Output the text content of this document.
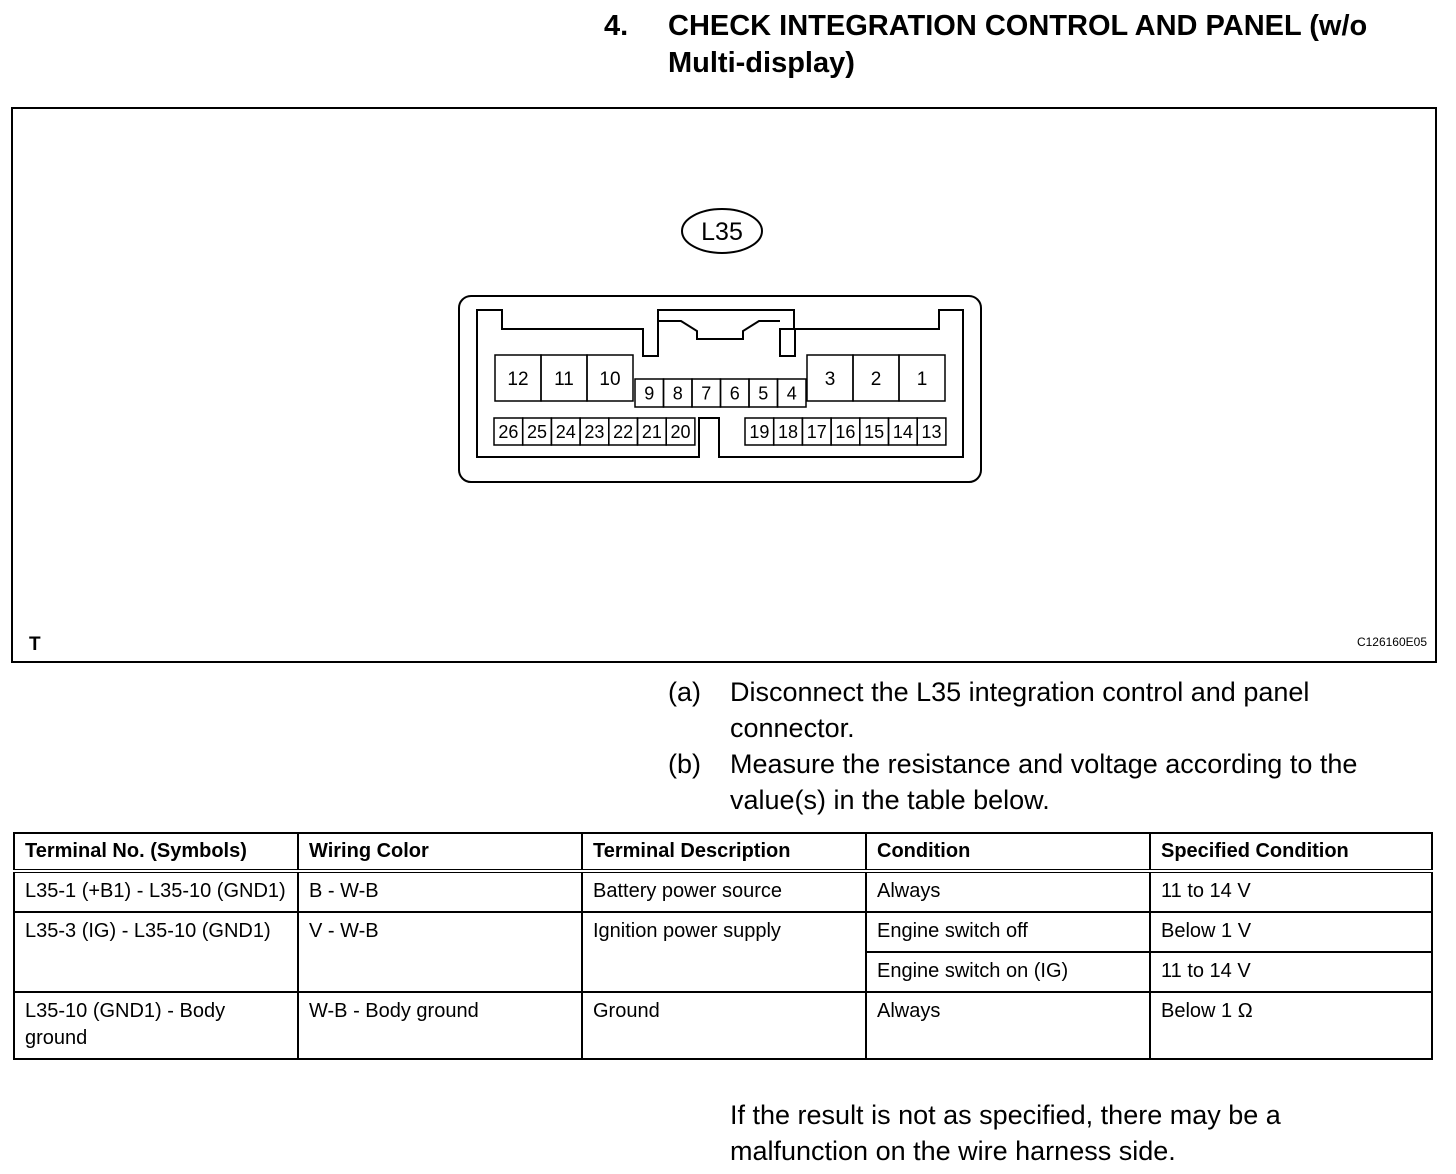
4. CHECK INTEGRATION CONTROL AND PANEL (w/o Multi-display)
L35
12 11 10
9 8 7 6 5 4
3 2 1
26 25 24 23 22 21 20	19 18 17 16 15 14 13
T	C126160E05
(a) Disconnect the L35 integration control and panel connector.
(b) Measure the resistance and voltage according to the value(s) in the table below.
Terminal No. (Symbols)	Wiring Color	Terminal Description	Condition	Specified Condition
L35-1 (+B1) - L35-10 (GND1)	B - W-B	Battery power source	Always	11 to 14 V
L35-3 (IG) - L35-10 (GND1)	V - W-B	Ignition power supply	Engine switch off	Below 1 V
			Engine switch on (IG)	11 to 14 V
L35-10 (GND1) - Body ground	W-B - Body ground	Ground	Always	Below 1 Ω
If the result is not as specified, there may be a malfunction on the wire harness side.
